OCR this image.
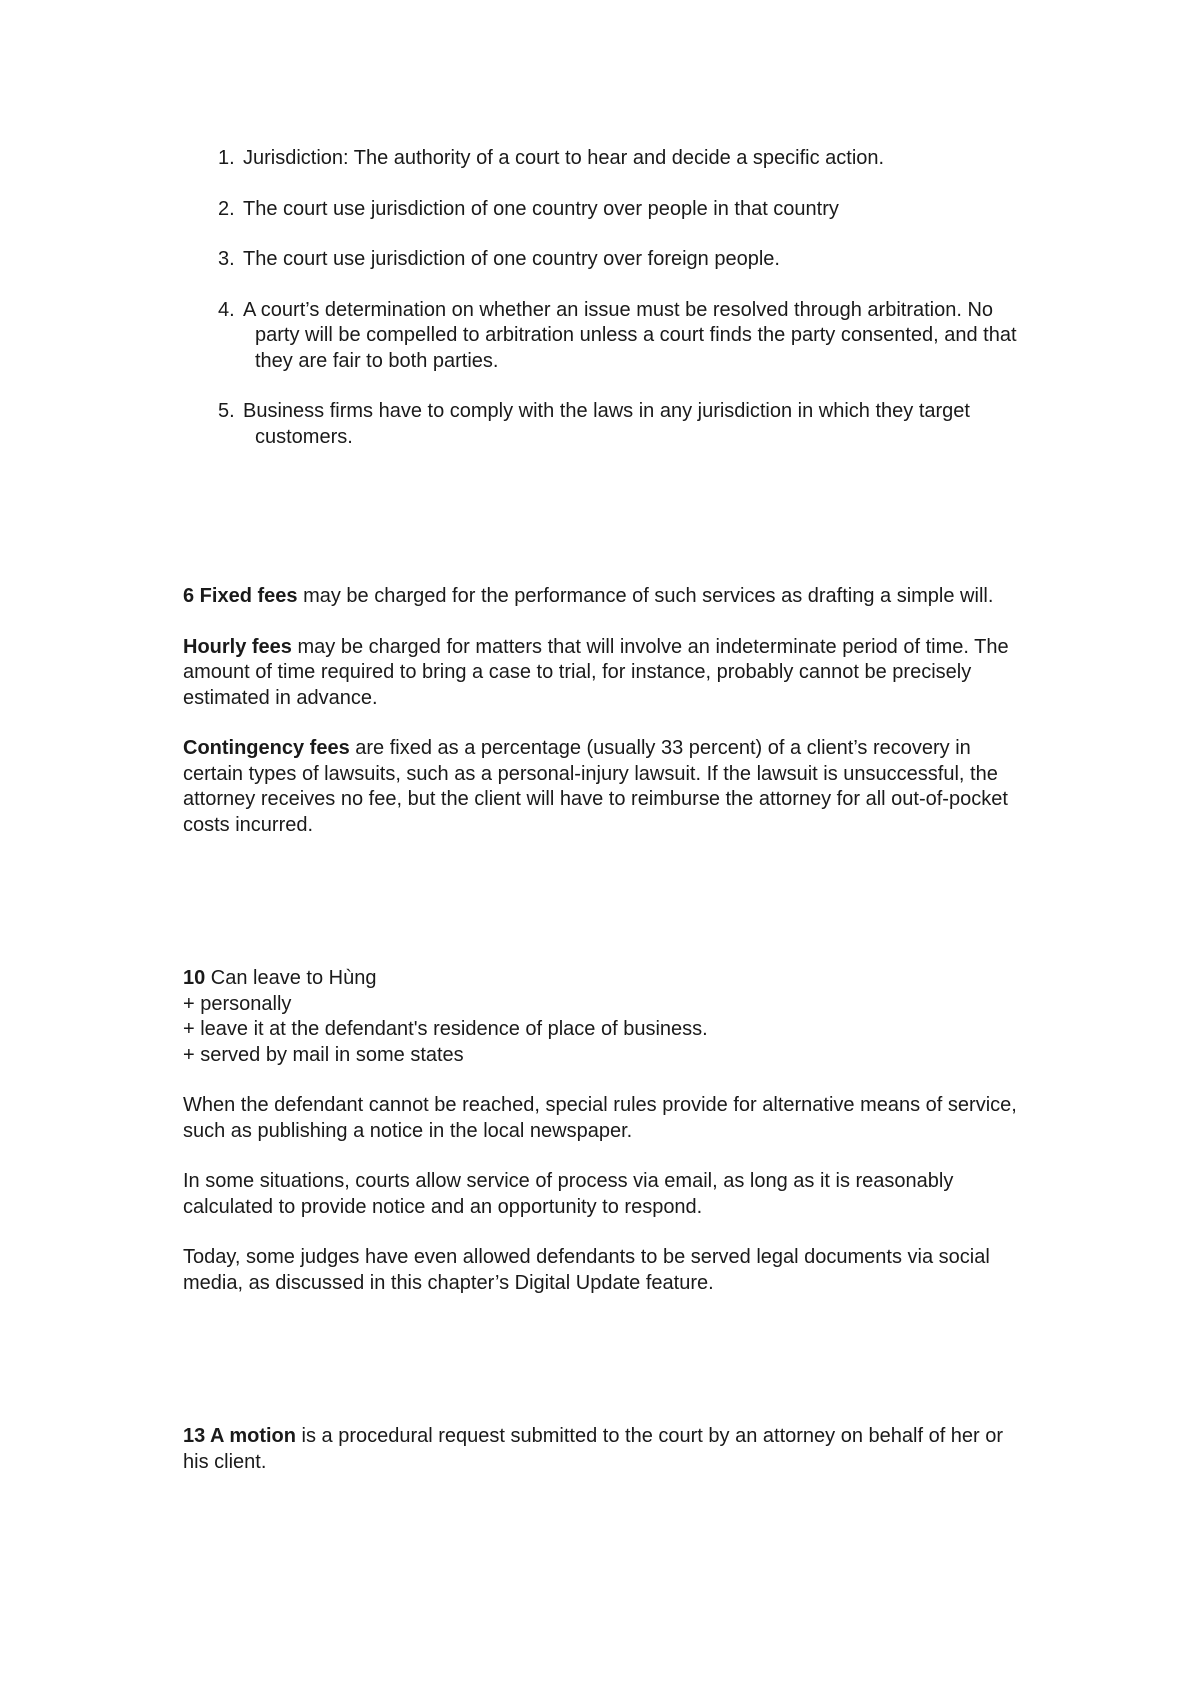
1. Jurisdiction: The authority of a court to hear and decide a specific action.
2. The court use jurisdiction of one country over people in that country
3. The court use jurisdiction of one country over foreign people.
4. A court’s determination on whether an issue must be resolved through arbitration. No party will be compelled to arbitration unless a court finds the party consented, and that they are fair to both parties.
5. Business firms have to comply with the laws in any jurisdiction in which they target customers.

6 Fixed fees may be charged for the performance of such services as drafting a simple will.

Hourly fees may be charged for matters that will involve an indeterminate period of time. The amount of time required to bring a case to trial, for instance, probably cannot be precisely estimated in advance.

Contingency fees are fixed as a percentage (usually 33 percent) of a client’s recovery in certain types of lawsuits, such as a personal-injury lawsuit. If the lawsuit is unsuccessful, the attorney receives no fee, but the client will have to reimburse the attorney for all out-of-pocket costs incurred.

10 Can leave to Hùng

+ personally

+ leave it at the defendant's residence of place of business.

+ served by mail in some states

When the defendant cannot be reached, special rules provide for alternative means of service, such as publishing a notice in the local newspaper.

In some situations, courts allow service of process via email, as long as it is reasonably calculated to provide notice and an opportunity to respond.

Today, some judges have even allowed defendants to be served legal documents via social media, as discussed in this chapter’s Digital Update feature.

13 A motion is a procedural request submitted to the court by an attorney on behalf of her or his client.
